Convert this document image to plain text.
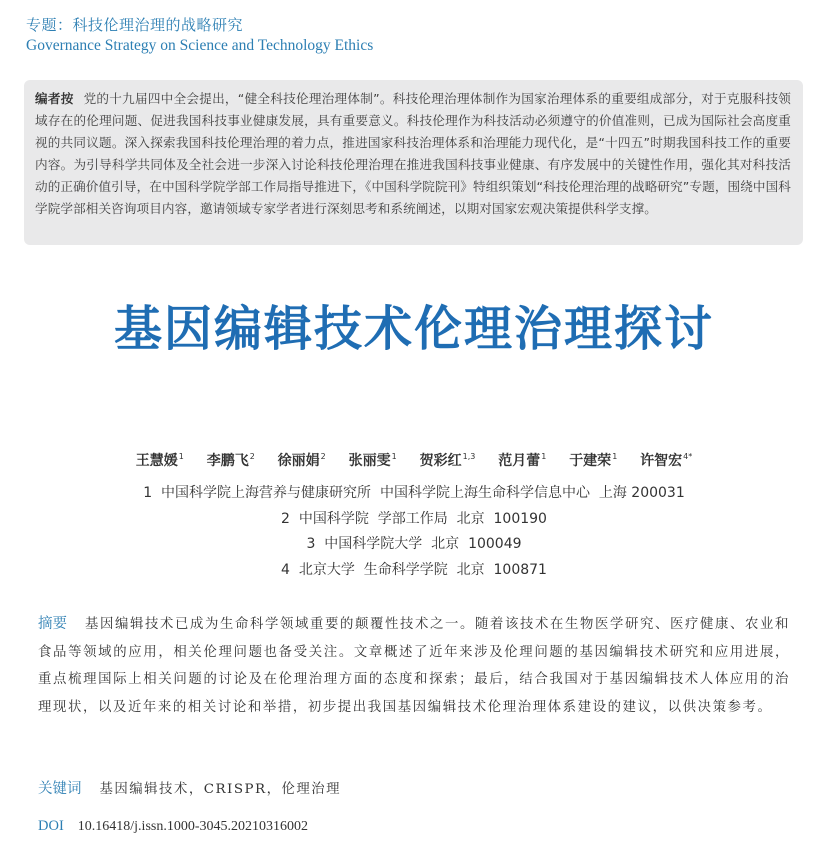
专题：科技伦理治理的战略研究
Governance Strategy on Science and Technology Ethics
编者按 党的十九届四中全会提出，“健全科技伦理治理体制”。科技伦理治理体制作为国家治理体系的重要组成部分，对于克服科技领域存在的伦理问题、促进我国科技事业健康发展，具有重要意义。科技伦理作为科技活动必须遵守的价值准则，已成为国际社会高度重视的共同议题。深入探索我国科技伦理治理的着力点，推进国家科技治理体系和治理能力现代化，是“十四五”时期我国科技工作的重要内容。为引导科学共同体及全社会进一步深入讨论科技伦理治理在推进我国科技事业健康、有序发展中的关键性作用，强化其对科技活动的正确价值引导，在中国科学院学部工作局指导推进下，《中国科学院院刊》特组织策划“科技伦理治理的战略研究”专题，围绕中国科学院学部相关咨询项目内容，邀请领域专家学者进行深刻思考和系统阐述，以期对国家宏观决策提供科学支撑。
基因编辑技术伦理治理探讨
王慧媛$^1$ 李鹏飞$^2$ 徐丽娟$^2$ 张丽雯$^1$ 贺彩红$^{1,3}$ 范月蕾$^1$ 于建荣$^1$ 许智宏$^{4*}$
1  中国科学院上海营养与健康研究所  中国科学院上海生命科学信息中心  上海 200031
2  中国科学院  学部工作局  北京  100190
3  中国科学院大学  北京  100049
4  北京大学  生命科学学院  北京  100871
摘要 基因编辑技术已成为生命科学领域重要的颠覆性技术之一。随着该技术在生物医学研究、医疗健康、农业和食品等领域的应用，相关伦理问题也备受关注。文章概述了近年来涉及伦理问题的基因编辑技术研究和应用进展，重点梳理国际上相关问题的讨论及在伦理治理方面的态度和探索；最后，结合我国对于基因编辑技术人体应用的治理现状，以及近年来的相关讨论和举措，初步提出我国基因编辑技术伦理治理体系建设的建议，以供决策参考。
关键词 基因编辑技术，CRISPR，伦理治理
DOI 10.16418/j.issn.1000-3045.20210316002
